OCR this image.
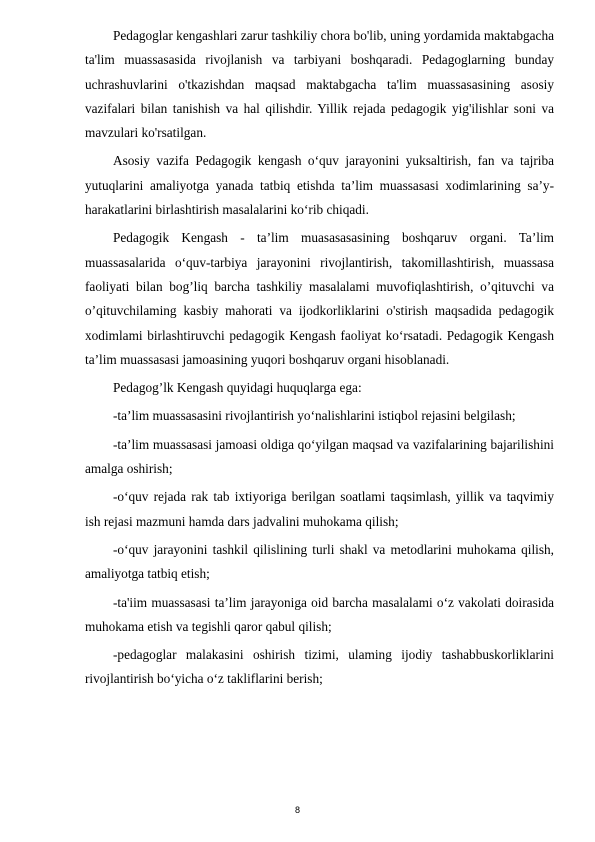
Pedagoglar kengashlari zarur tashkiliy chora bo'lib, uning yordamida maktabgacha ta'lim muassasasida rivojlanish va tarbiyani boshqaradi. Pedagoglarning bunday uchrashuvlarini o'tkazishdan maqsad maktabgacha ta'lim muassasasining asosiy vazifalari bilan tanishish va hal qilishdir. Yillik rejada pedagogik yig'ilishlar soni va mavzulari ko'rsatilgan.

Asosiy vazifa Pedagogik kengash o‘quv jarayonini yuksaltirish, fan va tajriba yutuqlarini amaliyotga yanada tatbiq etishda ta’lim muassasasi xodimlarining sa’y-harakatlarini birlashtirish masalalarini ko‘rib chiqadi.

Pedagogik Kengash - ta’lim muasasasasining boshqaruv organi. Ta’lim muassasalarida o‘quv-tarbiya jarayonini rivojlantirish, takomillashtirish, muassasa faoliyati bilan bog’liq barcha tashkiliy masalalami muvofiqlashtirish, o’qituvchi va o’qituvchilaming kasbiy mahorati va ijodkorliklarini o'stirish maqsadida pedagogik xodimlami birlashtiruvchi pedagogik Kengash faoliyat ko‘rsatadi. Pedagogik Kengash ta’lim muassasasi jamoasining yuqori boshqaruv organi hisoblanadi.

Pedagog’lk Kengash quyidagi huquqlarga ega:

-ta’lim muassasasini rivojlantirish yo‘nalishlarini istiqbol rejasini belgilash;

-ta’lim muassasasi jamoasi oldiga qo‘yilgan maqsad va vazifalarining bajarilishini amalga oshirish;

-o‘quv rejada rak tab ixtiyoriga berilgan soatlami taqsimlash, yillik va taqvimiy ish rejasi mazmuni hamda dars jadvalini muhokama qilish;

-o‘quv jarayonini tashkil qilislining turli shakl va metodlarini muhokama qilish, amaliyotga tatbiq etish;

-ta'iim muassasasi ta’lim jarayoniga oid barcha masalalami o‘z vakolati doirasida muhokama etish va tegishli qaror qabul qilish;

-pedagoglar malakasini oshirish tizimi, ulaming ijodiy tashabbuskorliklarini rivojlantirish bo‘yicha o‘z takliflarini berish;

8
